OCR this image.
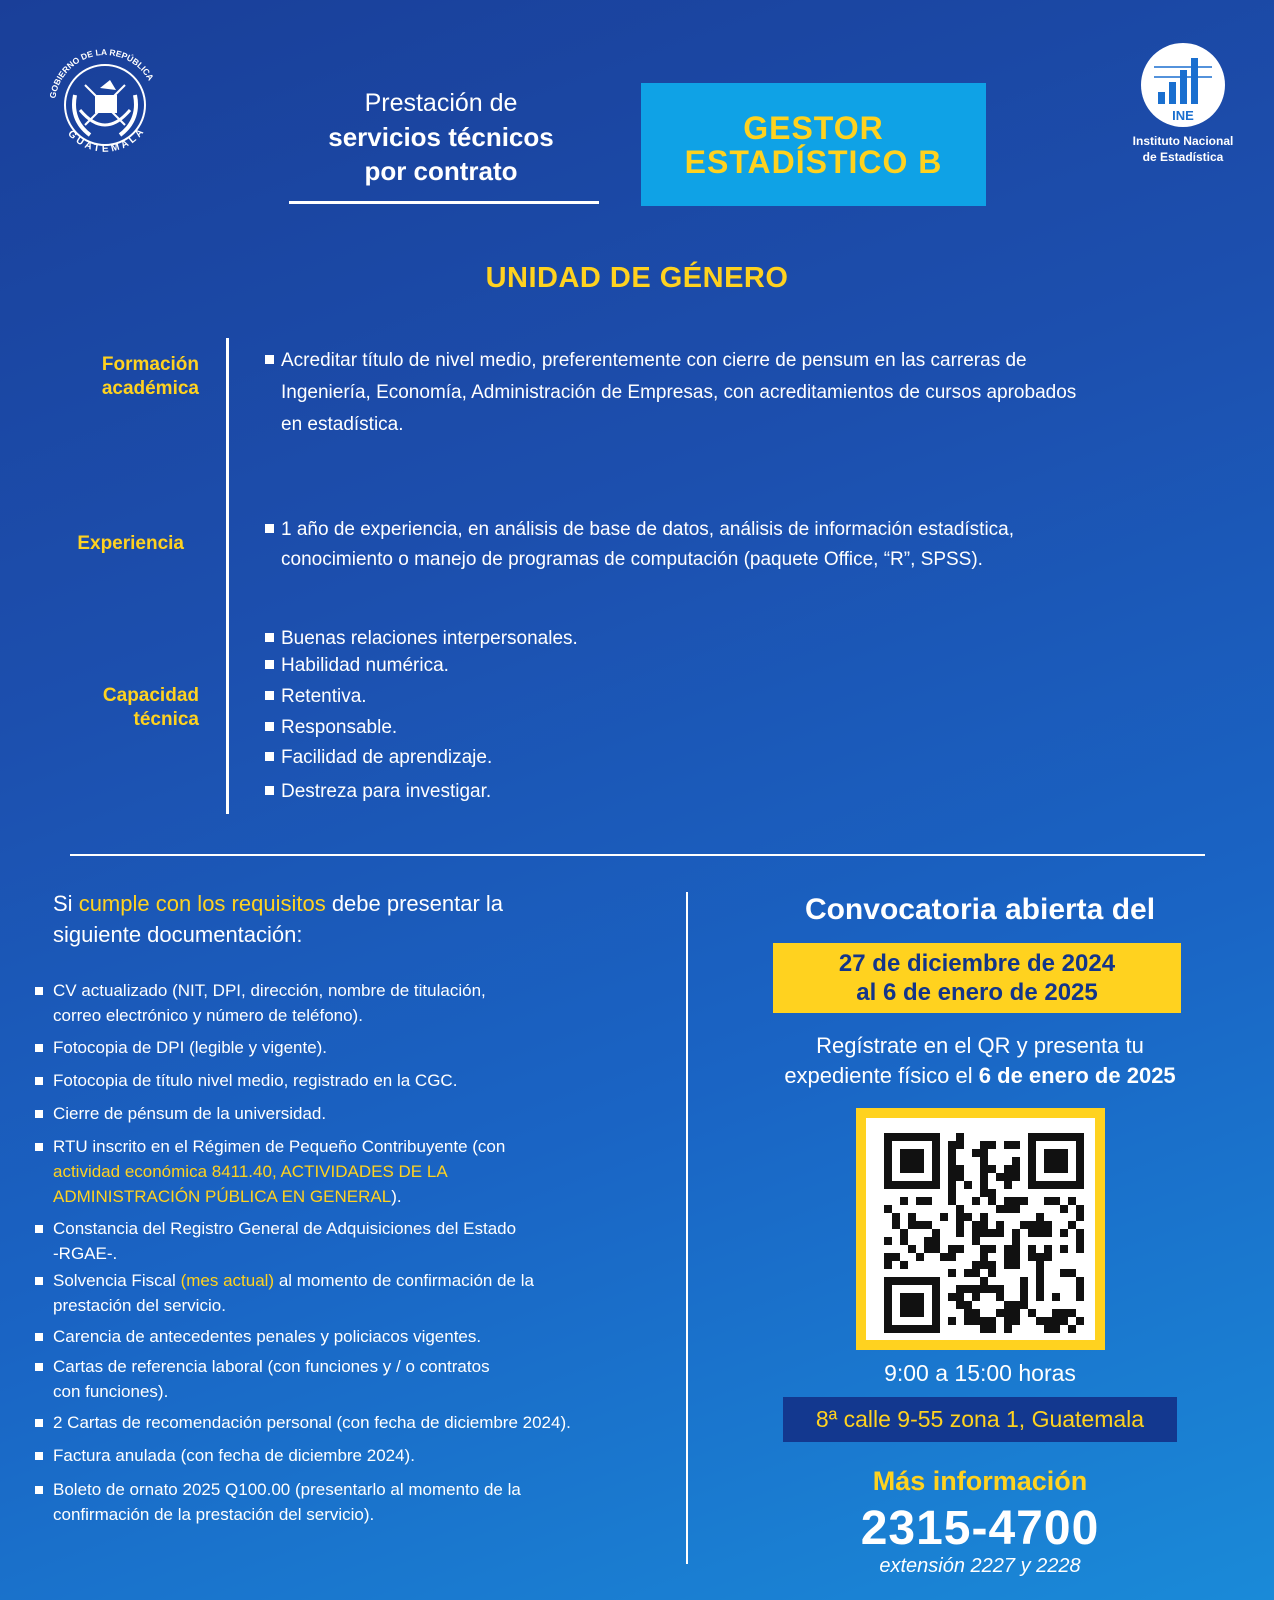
GOBIERNO DE LA REPÚBLICA
GUATEMALA
Prestación de
servicios técnicos
por contrato
GESTOR
ESTADÍSTICO B
INE
Instituto Nacional
de Estadística
UNIDAD DE GÉNERO
Formación
académica
Acreditar título de nivel medio, preferentemente con cierre de pensum en las carreras de
Ingeniería, Economía, Administración de Empresas, con acreditamientos de cursos aprobados
en estadística.
Experiencia
1 año de experiencia, en análisis de base de datos, análisis de información estadística,
conocimiento o manejo de programas de computación (paquete Office, “R”, SPSS).
Capacidad
técnica
Buenas relaciones interpersonales.
Habilidad numérica.
Retentiva.
Responsable.
Facilidad de aprendizaje.
Destreza para investigar.
Si cumple con los requisitos debe presentar la
siguiente documentación:
CV actualizado (NIT, DPI, dirección, nombre de titulación,
correo electrónico y número de teléfono).
Fotocopia de DPI (legible y vigente).
Fotocopia de título nivel medio, registrado en la CGC.
Cierre de pénsum de la universidad.
RTU inscrito en el Régimen de Pequeño Contribuyente (con
actividad económica 8411.40, ACTIVIDADES DE LA
ADMINISTRACIÓN PÚBLICA EN GENERAL).
Constancia del Registro General de Adquisiciones del Estado
-RGAE-.
Solvencia Fiscal (mes actual) al momento de confirmación de la
prestación del servicio.
Carencia de antecedentes penales y policiacos vigentes.
Cartas de referencia laboral (con funciones y / o contratos
con funciones).
2 Cartas de recomendación personal (con fecha de diciembre 2024).
Factura anulada (con fecha de diciembre 2024).
Boleto de ornato 2025 Q100.00 (presentarlo al momento de la
confirmación de la prestación del servicio).
Convocatoria abierta del
27 de diciembre de 2024
al 6 de enero de 2025
Regístrate en el QR y presenta tu
expediente físico el 6 de enero de 2025
9:00 a 15:00 horas
8ª calle 9-55 zona 1, Guatemala
Más información
2315-4700
extensión 2227 y 2228
